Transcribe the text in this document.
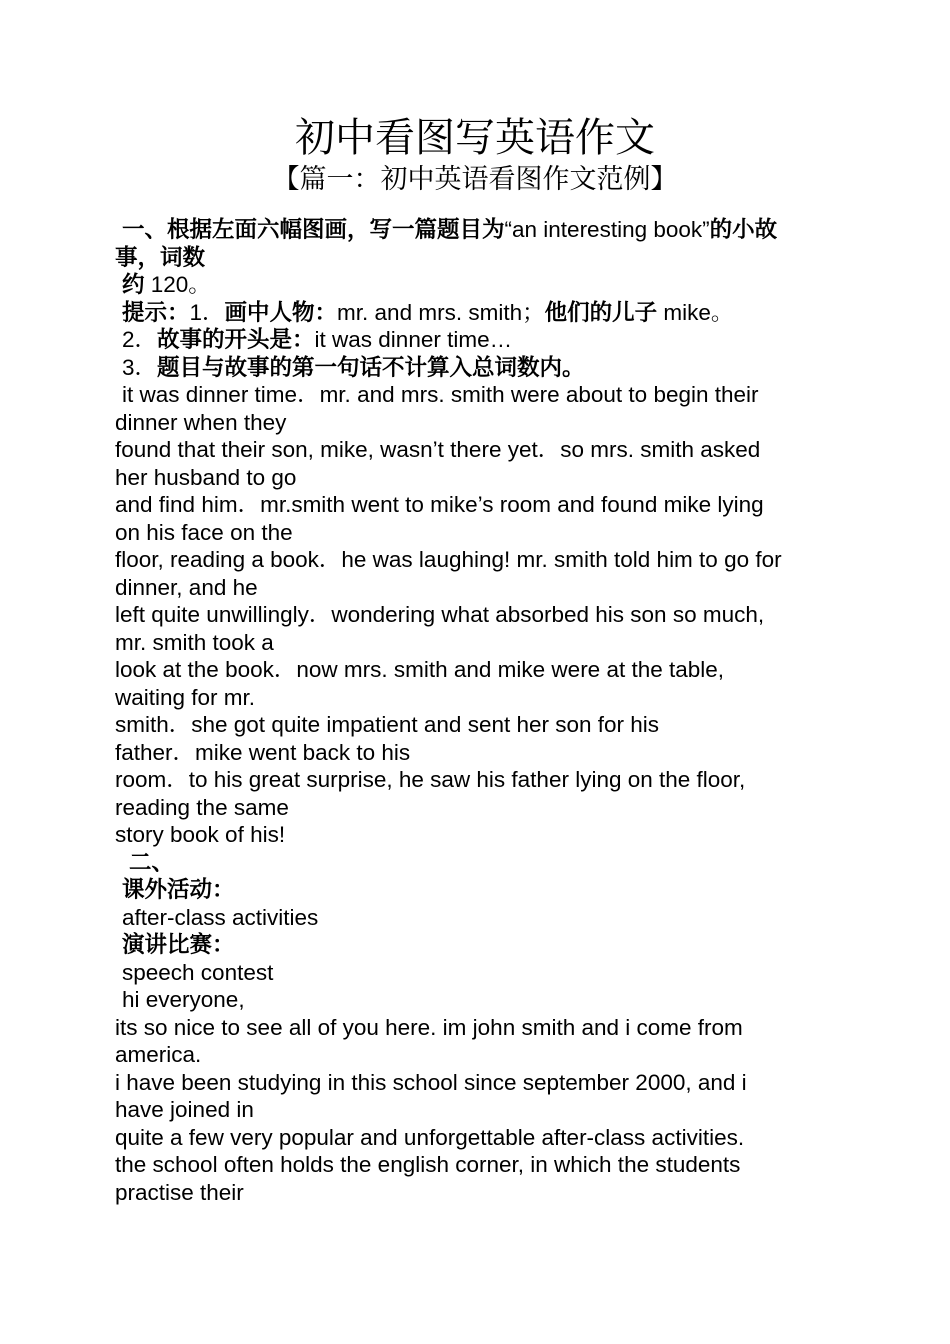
初中看图写英语作文
【篇一：初中英语看图作文范例】
一、根据左面六幅图画，写一篇题目为“an interesting book”的小故
事，词数
约 120。
提示：1．画中人物：mr. and mrs. smith；他们的儿子 mike。
2．故事的开头是：it was dinner time…
3．题目与故事的第一句话不计算入总词数内。
it was dinner time．mr. and mrs. smith were about to begin their
dinner when they
found that their son, mike, wasn’t there yet．so mrs. smith asked
her husband to go
and find him．mr.smith went to mike’s room and found mike lying
on his face on the
floor, reading a book．he was laughing! mr. smith told him to go for
dinner, and he
left quite unwillingly．wondering what absorbed his son so much,
mr. smith took a
look at the book．now mrs. smith and mike were at the table,
waiting for mr.
smith．she got quite impatient and sent her son for his
father．mike went back to his
room．to his great surprise, he saw his father lying on the floor,
reading the same
story book of his!
二、
课外活动：
after-class activities
演讲比赛：
speech contest
hi everyone,
its so nice to see all of you here. im john smith and i come from
america.
i have been studying in this school since september 2000, and i
have joined in
quite a few very popular and unforgettable after-class activities.
the school often holds the english corner, in which the students
practise their
